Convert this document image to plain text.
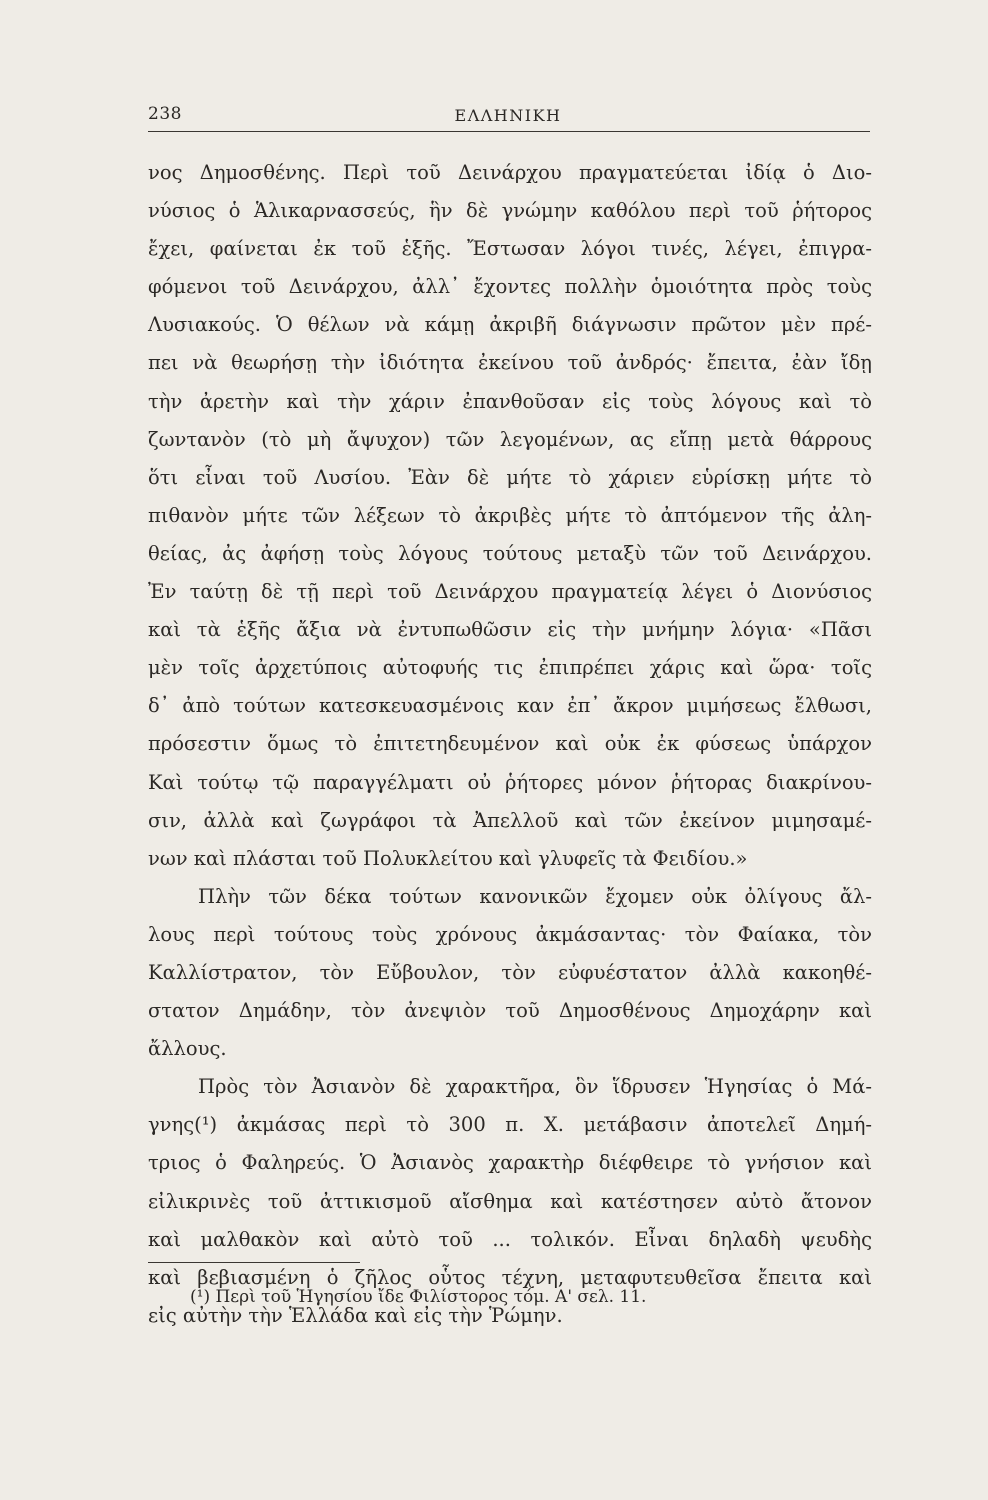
238	ΕΛΛΗΝΙΚΗ
νος Δημοσθένης. Περὶ τοῦ Δεινάρχου πραγματεύεται ἰδίᾳ ὁ Διο-
νύσιος ὁ Ἁλικαρνασσεύς, ἣν δὲ γνώμην καθόλου περὶ τοῦ ῥήτορος
ἔχει, φαίνεται ἐκ τοῦ ἑξῆς. Ἔστωσαν λόγοι τινές, λέγει, ἐπιγρα-
φόμενοι τοῦ Δεινάρχου, ἀλλ᾽ ἔχοντες πολλὴν ὁμοιότητα πρὸς τοὺς
Λυσιακούς. Ὁ θέλων νὰ κάμῃ ἀκριβῆ διάγνωσιν πρῶτον μὲν πρέ-
πει νὰ θεωρήσῃ τὴν ἰδιότητα ἐκείνου τοῦ ἀνδρός· ἔπειτα, ἐὰν ἴδῃ
τὴν ἀρετὴν καὶ τὴν χάριν ἐπανθοῦσαν εἰς τοὺς λόγους καὶ τὸ
ζωντανὸν (τὸ μὴ ἄψυχον) τῶν λεγομένων, ας εἴπῃ μετὰ θάρρους
ὅτι εἶναι τοῦ Λυσίου. Ἐὰν δὲ μήτε τὸ χάριεν εὑρίσκῃ μήτε τὸ
πιθανὸν μήτε τῶν λέξεων τὸ ἀκριβὲς μήτε τὸ ἀπτόμενον τῆς ἀλη-
θείας, ἀς ἀφήσῃ τοὺς λόγους τούτους μεταξὺ τῶν τοῦ Δεινάρχου.
Ἐν ταύτῃ δὲ τῇ περὶ τοῦ Δεινάρχου πραγματείᾳ λέγει ὁ Διονύσιος
καὶ τὰ ἑξῆς ἄξια νὰ ἐντυπωθῶσιν εἰς τὴν μνήμην λόγια· «Πᾶσι
μὲν τοῖς ἀρχετύποις αὐτοφυής τις ἐπιπρέπει χάρις καὶ ὥρα· τοῖς
δ᾽ ἀπὸ τούτων κατεσκευασμένοις καν ἐπ᾽ ἄκρον μιμήσεως ἔλθωσι,
πρόσεστιν ὅμως τὸ ἐπιτετηδευμένον καὶ οὐκ ἐκ φύσεως ὑπάρχον
Καὶ τούτῳ τῷ παραγγέλματι οὐ ῥήτορες μόνον ῥήτορας διακρίνου-
σιν, ἀλλὰ καὶ ζωγράφοι τὰ Ἀπελλοῦ καὶ τῶν ἐκείνον μιμησαμέ-
νων καὶ πλάσται τοῦ Πολυκλείτου καὶ γλυφεῖς τὰ Φειδίου.»
Πλὴν τῶν δέκα τούτων κανονικῶν ἔχομεν οὐκ ὀλίγους ἄλ-
λους περὶ τούτους τοὺς χρόνους ἀκμάσαντας· τὸν Φαίακα, τὸν
Καλλίστρατον, τὸν Εὔβουλον, τὸν εὐφυέστατον ἀλλὰ κακοηθέ-
στατον Δημάδην, τὸν ἀνεψιὸν τοῦ Δημοσθένους Δημοχάρην καὶ
ἄλλους.
Πρὸς τὸν Ἀσιανὸν δὲ χαρακτῆρα, ὃν ἵδρυσεν Ἡγησίας ὁ Μά-
γνης(¹) ἀκμάσας περὶ τὸ 300 π. Χ. μετάβασιν ἀποτελεῖ Δημή-
τριος ὁ Φαληρεύς. Ὁ Ἀσιανὸς χαρακτὴρ διέφθειρε τὸ γνήσιον καὶ
εἰλικρινὲς τοῦ ἀττικισμοῦ αἴσθημα καὶ κατέστησεν αὐτὸ ἄτονον
καὶ μαλθακὸν καὶ αὐτὸ τοῦ ... τολικόν. Εἶναι δηλαδὴ ψευδὴς
καὶ βεβιασμένη ὁ ζῆλος οὗτος τέχνη, μεταφυτευθεῖσα ἔπειτα καὶ
εἰς αὐτὴν τὴν Ἑλλάδα καὶ εἰς τὴν Ῥώμην.
(¹) Περὶ τοῦ Ἡγησίου ἴδε Φιλίστορος τόμ. Α' σελ. 11.
